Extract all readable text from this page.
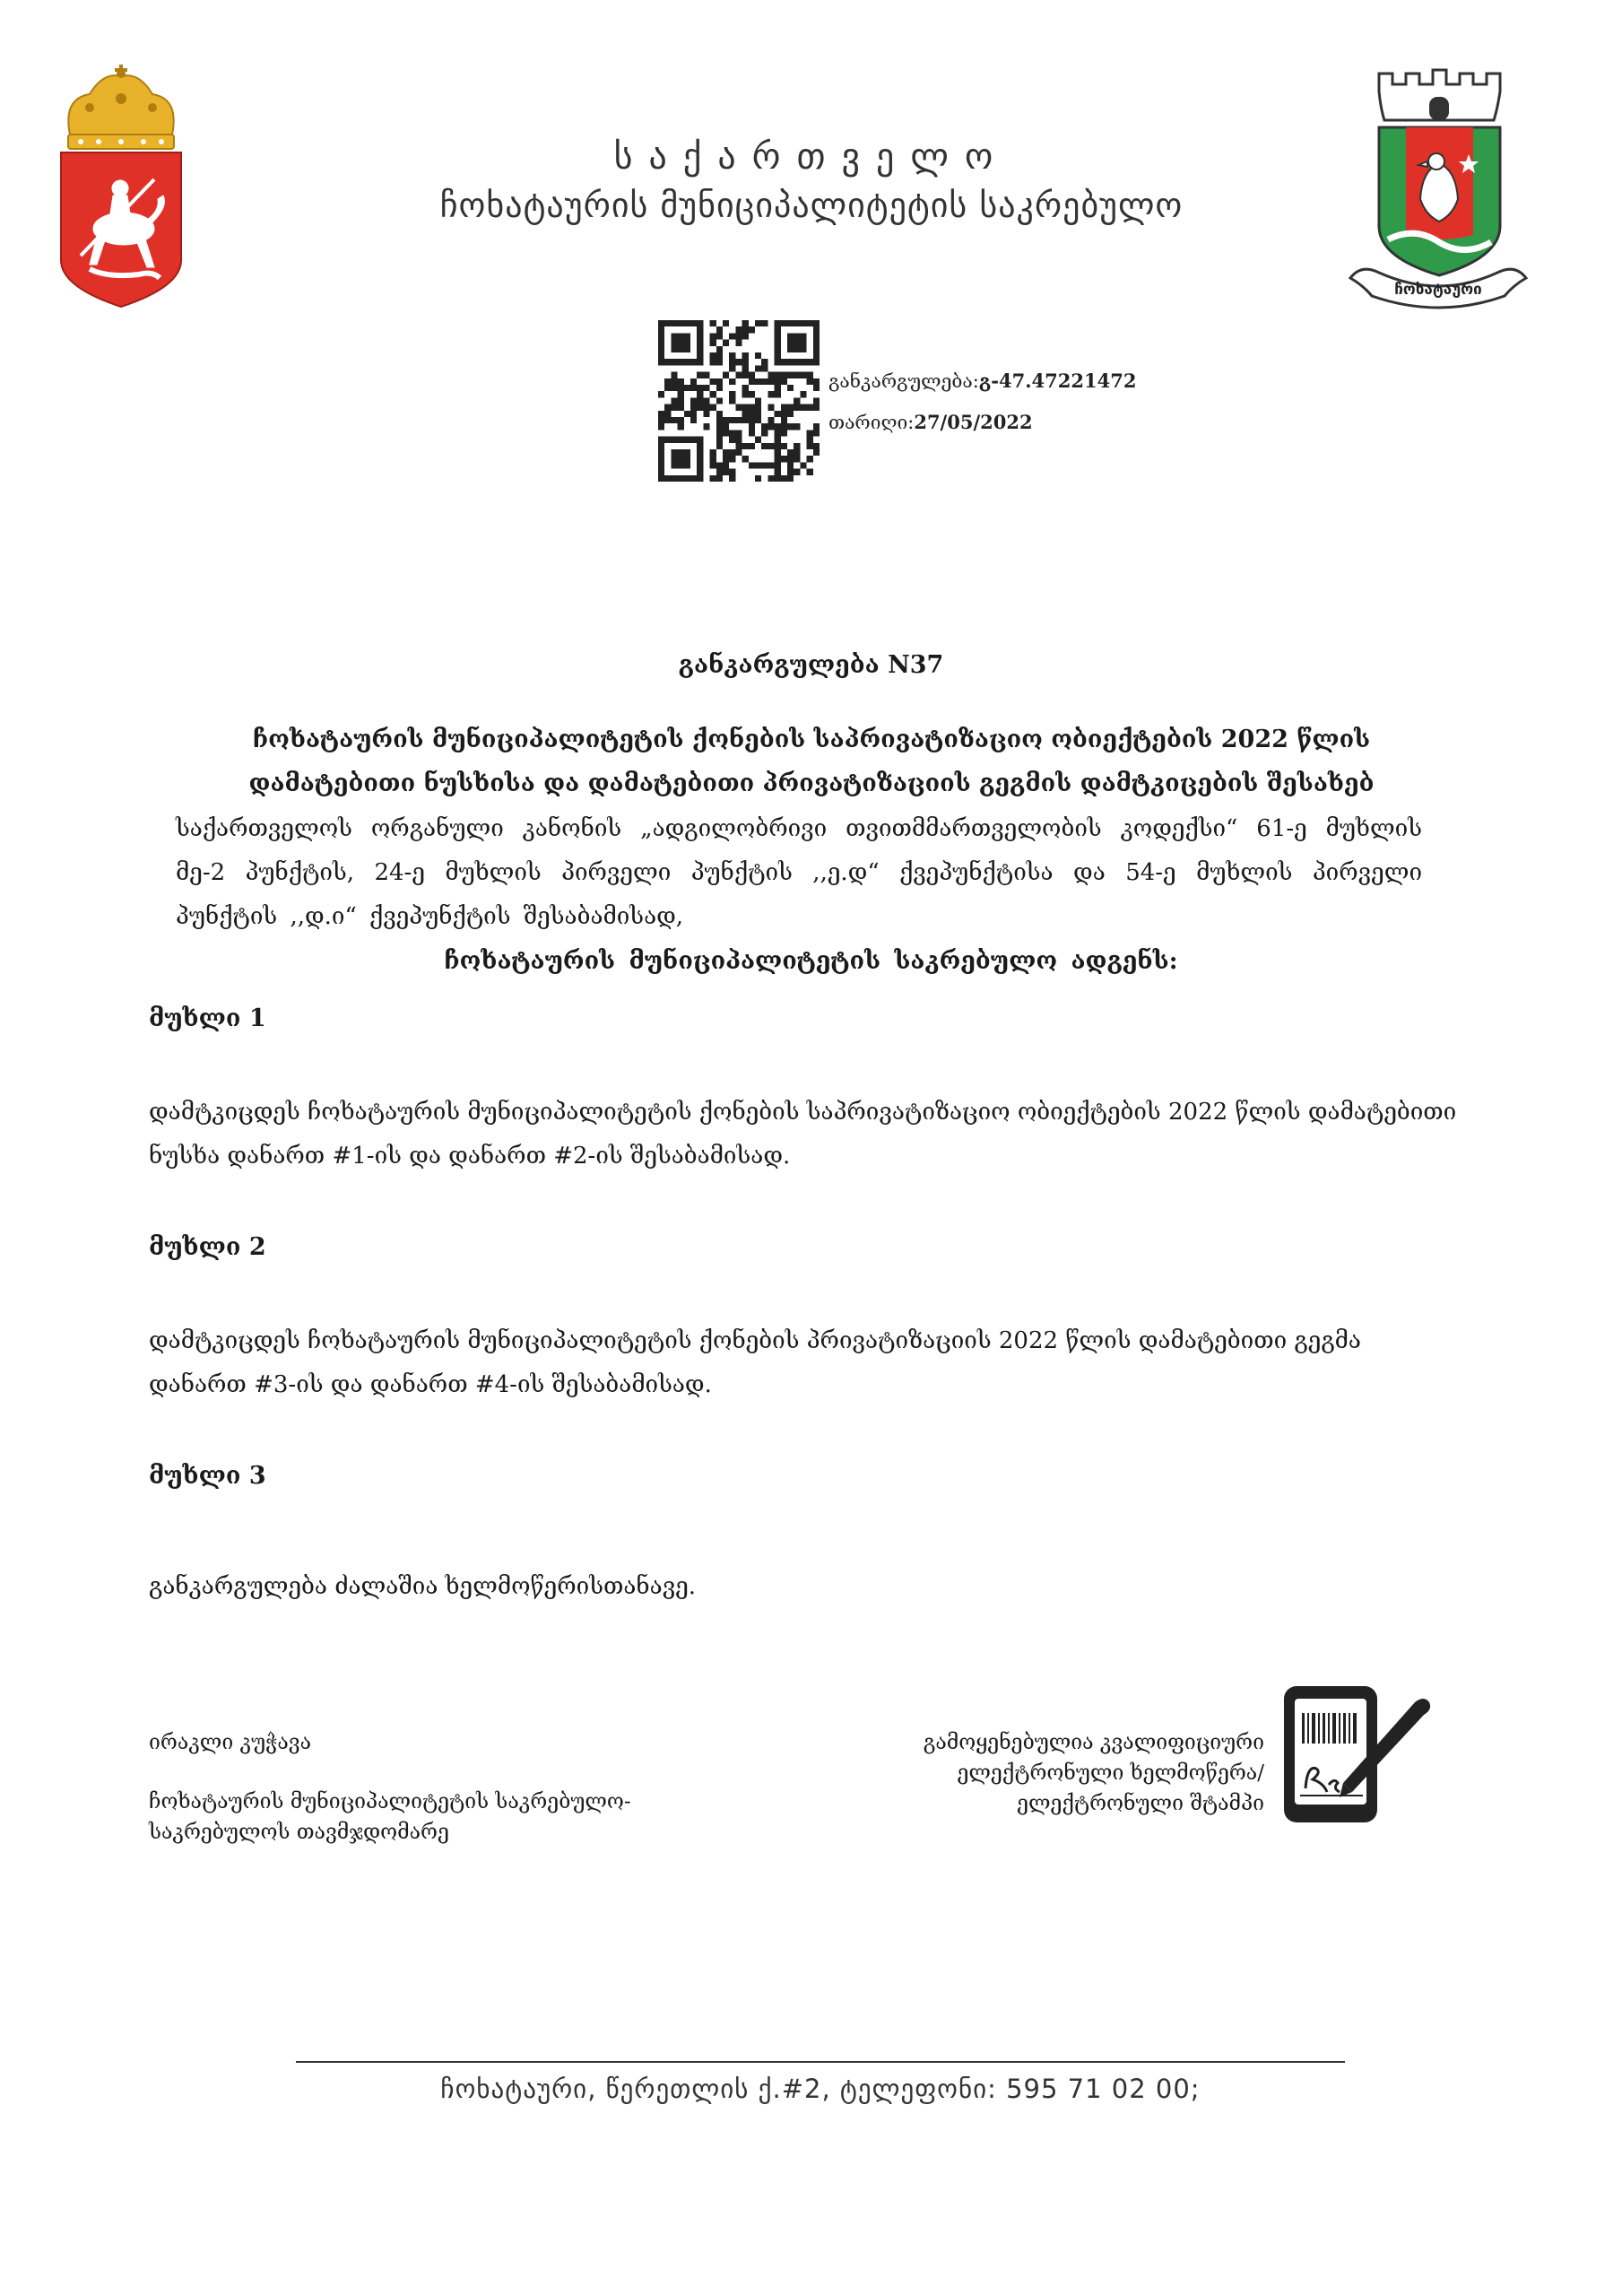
ჩოხატაური
საქართველო
ჩოხატაურის მუნიციპალიტეტის საკრებულო
განკარგულება:გ-47.47221472
თარიღი:27/05/2022
განკარგულება N37
ჩოხატაურის მუნიციპალიტეტის ქონების საპრივატიზაციო ობიექტების 2022 წლის
დამატებითი ნუსხისა და დამატებითი პრივატიზაციის გეგმის დამტკიცების შესახებ
საქართველოს ორგანული კანონის „ადგილობრივი თვითმმართველობის კოდექსი“ 61-ე მუხლის მე-2 პუნქტის, 24-ე მუხლის პირველი პუნქტის ,,ე.დ“ ქვეპუნქტისა და 54-ე მუხლის პირველი პუნქტის ,,დ.ი“ ქვეპუნქტის შესაბამისად,
ჩოხატაურის მუნიციპალიტეტის საკრებულო ადგენს:
მუხლი 1
დამტკიცდეს ჩოხატაურის მუნიციპალიტეტის ქონების საპრივატიზაციო ობიექტების 2022 წლის დამატებითი ნუსხა დანართ #1-ის და დანართ #2-ის შესაბამისად.
მუხლი 2
დამტკიცდეს ჩოხატაურის მუნიციპალიტეტის ქონების პრივატიზაციის 2022 წლის დამატებითი გეგმა დანართ #3-ის და დანართ #4-ის შესაბამისად.
მუხლი 3
განკარგულება ძალაშია ხელმოწერისთანავე.
ირაკლი კუჭავა
ჩოხატაურის მუნიციპალიტეტის საკრებულო-საკრებულოს თავმჯდომარე
გამოყენებულია კვალიფიციური
ელექტრონული ხელმოწერა/
ელექტრონული შტამპი
ჩოხატაური, წერეთლის ქ.#2, ტელეფონი: 595 71 02 00;
